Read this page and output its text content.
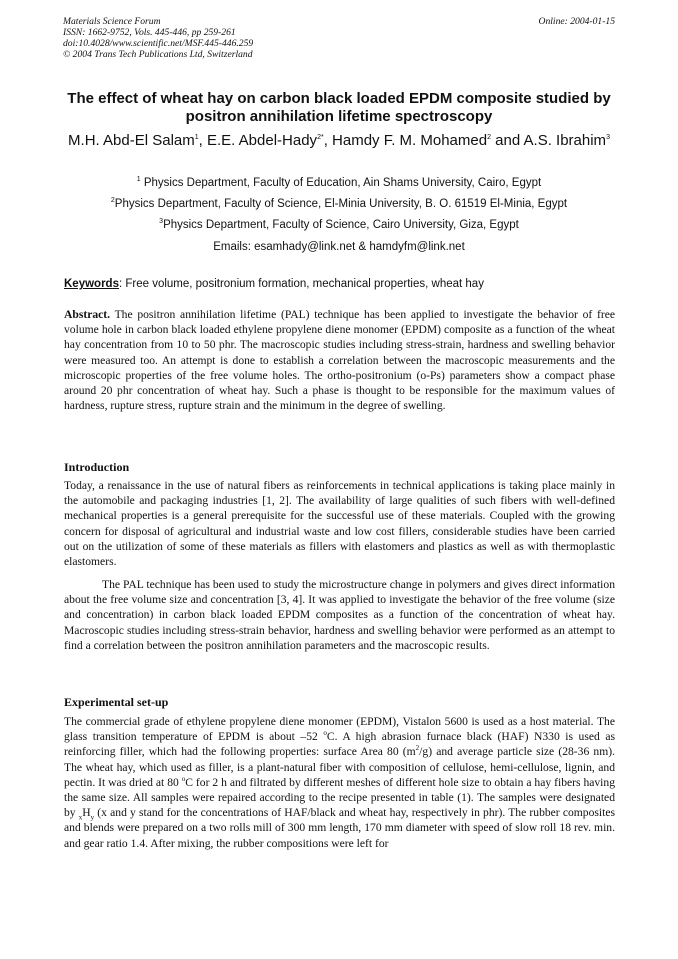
Materials Science Forum
ISSN: 1662-9752, Vols. 445-446, pp 259-261
doi:10.4028/www.scientific.net/MSF.445-446.259
© 2004 Trans Tech Publications Ltd, Switzerland
Online: 2004-01-15
The effect of wheat hay on carbon black loaded EPDM composite studied by positron annihilation lifetime spectroscopy
M.H. Abd-El Salam$^1$, E.E. Abdel-Hady$^{2*}$, Hamdy F. M. Mohamed$^2$ and A.S. Ibrahim$^3$
$^1$ Physics Department, Faculty of Education, Ain Shams University, Cairo, Egypt
$^2$Physics Department, Faculty of Science, El-Minia University, B. O. 61519 El-Minia, Egypt
$^3$Physics Department, Faculty of Science, Cairo University, Giza, Egypt
Emails: esamhady@link.net & hamdyfm@link.net
Keywords: Free volume, positronium formation, mechanical properties, wheat hay
Abstract. The positron annihilation lifetime (PAL) technique has been applied to investigate the behavior of free volume hole in carbon black loaded ethylene propylene diene monomer (EPDM) composite as a function of the wheat hay concentration from 10 to 50 phr. The macroscopic studies including stress-strain, hardness and swelling behavior were measured too. An attempt is done to establish a correlation between the macroscopic measurements and the microscopic properties of the free volume holes. The ortho-positronium (o-Ps) parameters show a compact phase around 20 phr concentration of wheat hay. Such a phase is thought to be responsible for the maximum values of hardness, rupture stress, rupture strain and the minimum in the degree of swelling.
Introduction
Today, a renaissance in the use of natural fibers as reinforcements in technical applications is taking place mainly in the automobile and packaging industries [1, 2]. The availability of large qualities of such fibers with well-defined mechanical properties is a general prerequisite for the successful use of these materials. Coupled with the growing concern for disposal of agricultural and industrial waste and low cost fillers, considerable studies have been carried out on the utilization of some of these materials as fillers with elastomers and plastics as well as with thermoplastic elastomers.
The PAL technique has been used to study the microstructure change in polymers and gives direct information about the free volume size and concentration [3, 4]. It was applied to investigate the behavior of the free volume (size and concentration) in carbon black loaded EPDM composites as a function of the concentration of wheat hay. Macroscopic studies including stress-strain behavior, hardness and swelling behavior were performed as an attempt to find a correlation between the positron annihilation parameters and the macroscopic results.
Experimental set-up
The commercial grade of ethylene propylene diene monomer (EPDM), Vistalon 5600 is used as a host material. The glass transition temperature of EPDM is about –52 $^o$C. A high abrasion furnace black (HAF) N330 is used as reinforcing filler, which had the following properties: surface Area 80 $(m^2/g)$ and average particle size (28-36 nm). The wheat hay, which used as filler, is a plant-natural fiber with composition of cellulose, hemi-cellulose, lignin, and pectin. It was dried at 80 $^o$C for 2 h and filtrated by different meshes of different hole size to obtain a hay fibers having the same size. All samples were repaired according to the recipe presented in table (1). The samples were designated by $_xH_y$ (x and y stand for the concentrations of HAF/black and wheat hay, respectively in phr). The rubber composites and blends were prepared on a two rolls mill of 300 mm length, 170 mm diameter with speed of slow roll 18 rev. min. and gear ratio 1.4. After mixing, the rubber compositions were left for
